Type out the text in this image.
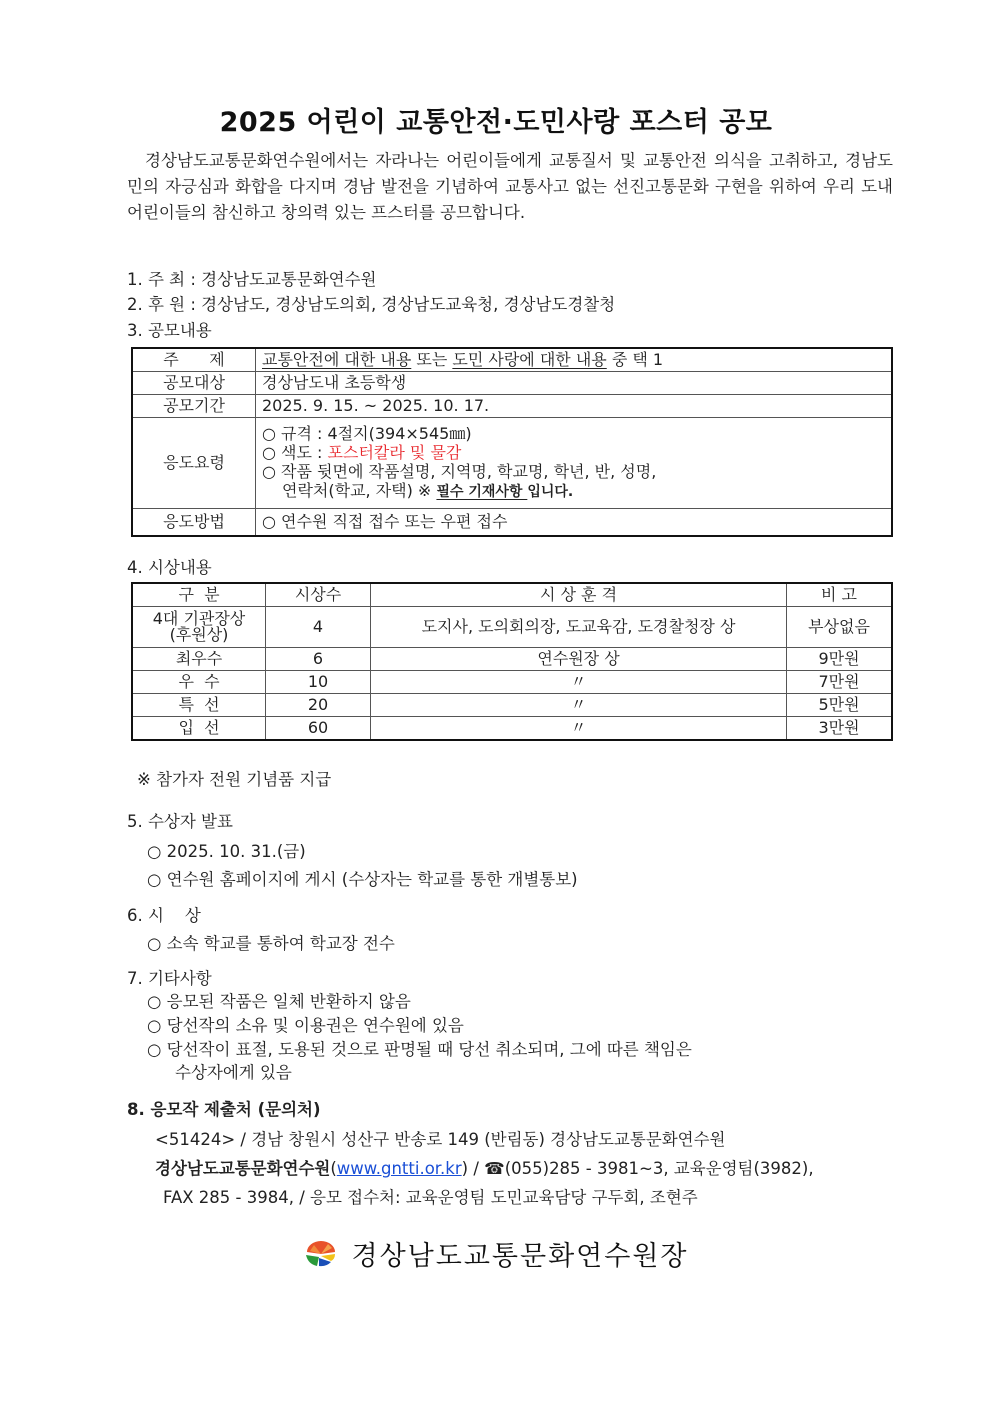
2025 어린이 교통안전·도민사랑 포스터 공모
경상남도교통문화연수원에서는 자라나는 어린이들에게 교통질서 및 교통안전 의식을 고취하고, 경남도민의 자긍심과 화합을 다지며 경남 발전을 기념하여 교통사고 없는 선진고통문화 구현을 위하여 우리 도내 어린이들의 참신하고 창의력 있는 프스터를 공므합니다.
1. 주 최 : 경상남도교통문화연수원
2. 후 원 : 경상남도, 경상남도의회, 경상남도교육청, 경상남도경찰청
3. 공모내용
주      제	교통안전에 대한 내용 또는 도민 사랑에 대한 내용 중 택 1
공모대상	경상남도내 초등학생
공모기간	2025. 9. 15. ~ 2025. 10. 17.
응도요령	○ 규격 : 4절지(394×545㎜)
○ 색도 : 포스터칼라 및 물감
○ 작품 뒷면에 작품설명, 지역명, 학교명, 학년, 반, 성명,
연락처(학교, 자택) ※ 필수 기재사항 입니다.

응도방법	○ 연수원 직접 접수 또는 우편 접수
4. 시상내용
구  분	시상수	시 상 훈 격	비 고

4대 기관장상
(후원상)	4	도지사, 도의회의장, 도교육감, 도경찰청장 상	부상없음
최우수	6	연수원장 상	9만원
우  수	10	〃	7만원
특  선	20	〃	5만원
입  선	60	〃	3만원
※ 참가자 전원 기념품 지급
5. 수상자 발표
○ 2025. 10. 31.(금)
○ 연수원 홈페이지에 게시 (수상자는 학교를 통한 개별통보)
6. 시    상
○ 소속 학교를 통하여 학교장 전수
7. 기타사항
○ 응모된 작품은 일체 반환하지 않음
○ 당선작의 소유 및 이용권은 연수원에 있음
○ 당선작이 표절, 도용된 것으로 판명될 때 당선 취소되며, 그에 따른 책임은
수상자에게 있음
8. 응모작 제출처 (문의처)
<51424> / 경남 창원시 성산구 반송로 149 (반림동) 경상남도교통문화연수원
경상남도교통문화연수원(www.gntti.or.kr) / ☎(055)285 - 3981~3, 교육운영팀(3982),
FAX 285 - 3984, / 응모 접수처: 교육운영팀 도민교육담당 구두회, 조현주
경상남도교통문화연수원장
